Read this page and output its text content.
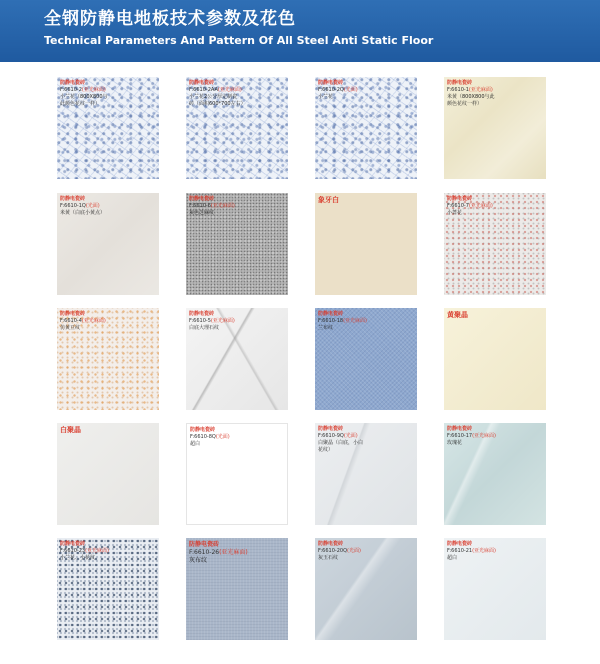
全钢防静电地板技术参数及花色
Technical Parameters And Pattern Of All Steel Anti Static Floor
防静电瓷砖
F:6610-2(亚光麻面)
小兰花（800X800与
此颜色花纹一样）
防静电瓷砖
F:6610-2AA(亚光麻面)
小兰花2公分厚定制瓷
砖（面积600*700左右）
防静电瓷砖
F:6610-2Q(光面)
小兰花
防静电瓷砖
F:6610-1(亚光麻面)
米黄（800X800与此
颜色花纹一样）
防静电瓷砖
F:6610-1Q(光面)
米黄（白底小黄点）
防静电瓷砖
F:6610-6(亚光麻面)
灰色芝麻纹
象牙白	防静电瓷砖
F:6610-7(亚光麻面)
小蔷花
防静电瓷砖
F:6610-4(亚光麻面)
仿黄豆纹
防静电瓷砖
F:6610-5(亚光麻面)
白底大理石纹
防静电瓷砖
F:6610-18(亚光麻面)
兰布纹
黄聚晶
白聚晶	防静电瓷砖
F:6610-8Q(光面)
超白
防静电瓷砖
F:6610-9Q(光面)
白聚晶（白底，小白
花纹）
防静电瓷砖
F:6610-17(亚光麻面)
玫瑰花
防静电瓷砖
F:6610-23(亚光麻面)
小兰花、小花纹
防静电瓷砖
F:6610-26(亚光麻面)
灰布纹
防静电瓷砖
F:6610-20Q(光面)
灰玉石纹
防静电瓷砖
F:6610-21(亚光麻面)
超白
